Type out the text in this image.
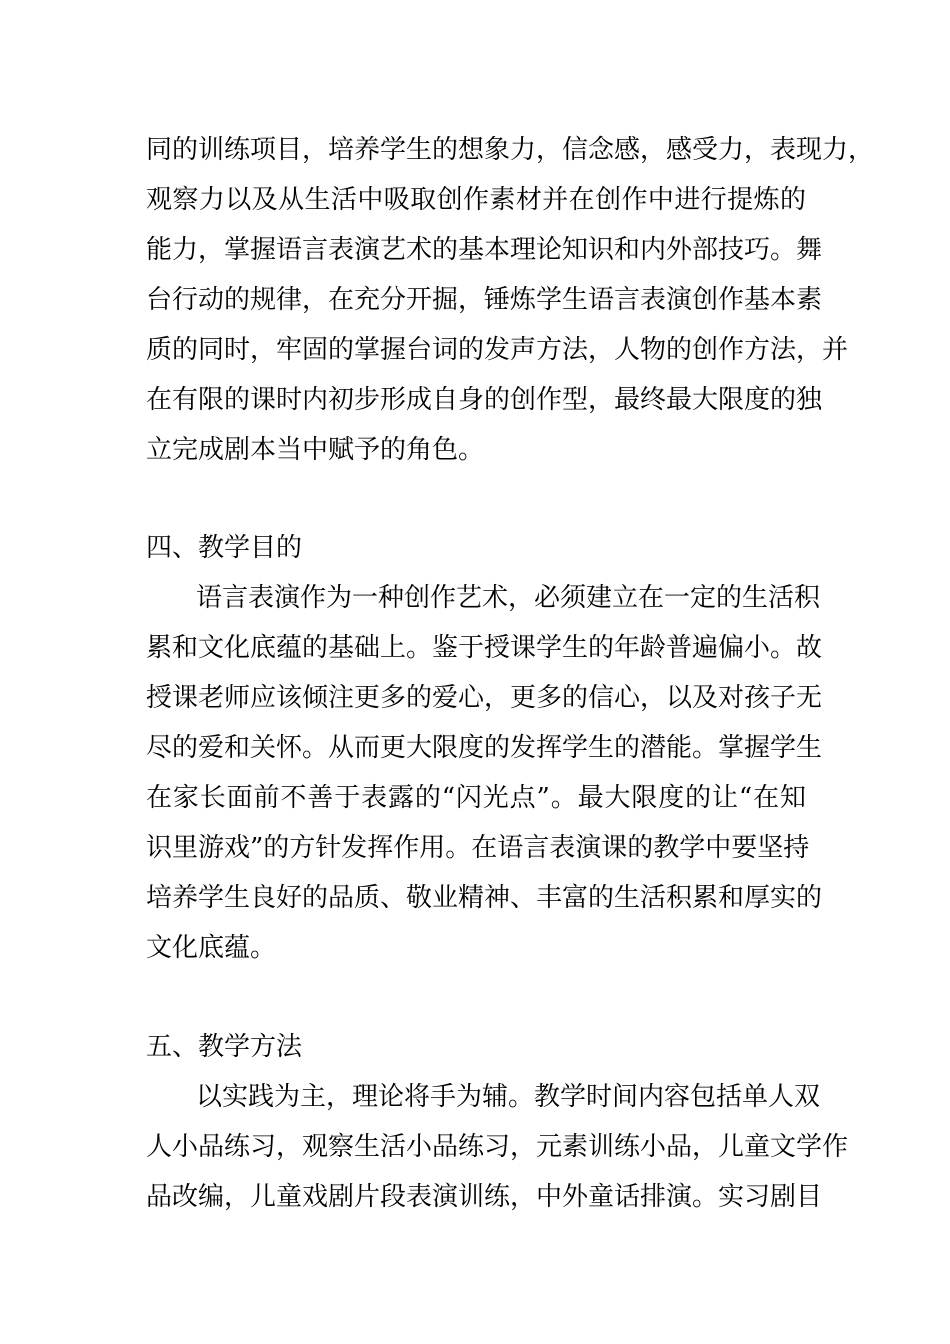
同的训练项目，培养学生的想象力，信念感，感受力，表现力，
观察力以及从生活中吸取创作素材并在创作中进行提炼的
能力，掌握语言表演艺术的基本理论知识和内外部技巧。舞
台行动的规律，在充分开掘，锤炼学生语言表演创作基本素
质的同时，牢固的掌握台词的发声方法，人物的创作方法，并
在有限的课时内初步形成自身的创作型，最终最大限度的独
立完成剧本当中赋予的角色。
四、教学目的
语言表演作为一种创作艺术，必须建立在一定的生活积
累和文化底蕴的基础上。鉴于授课学生的年龄普遍偏小。故
授课老师应该倾注更多的爱心，更多的信心，以及对孩子无
尽的爱和关怀。从而更大限度的发挥学生的潜能。掌握学生
在家长面前不善于表露的“闪光点”。最大限度的让“在知
识里游戏”的方针发挥作用。在语言表演课的教学中要坚持
培养学生良好的品质、敬业精神、丰富的生活积累和厚实的
文化底蕴。
五、教学方法
以实践为主，理论将手为辅。教学时间内容包括单人双
人小品练习，观察生活小品练习，元素训练小品，儿童文学作
品改编，儿童戏剧片段表演训练，中外童话排演。实习剧目
